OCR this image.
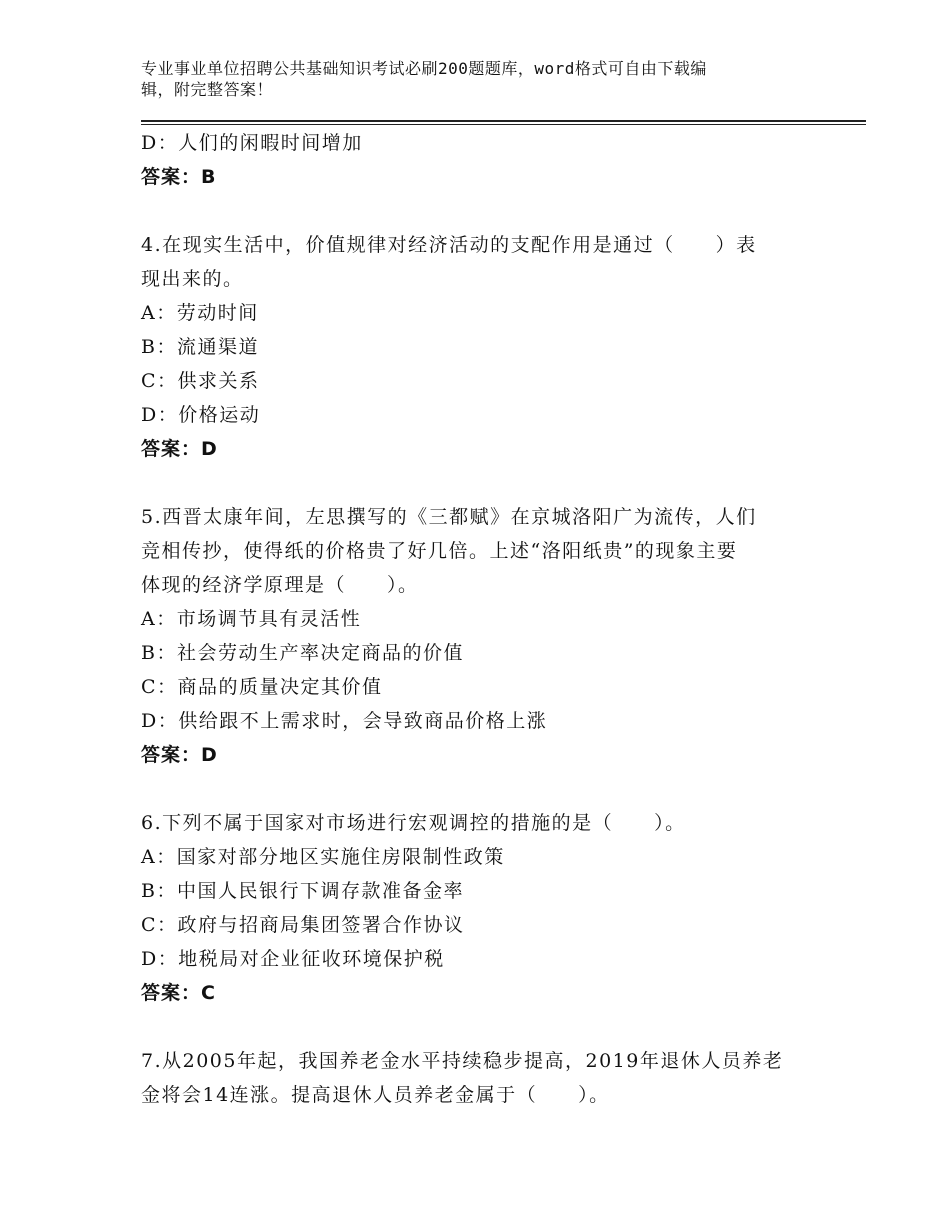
专业事业单位招聘公共基础知识考试必刷200题题库，word格式可自由下载编
辑，附完整答案！
D：人们的闲暇时间增加
答案：B
4.在现实生活中，价值规律对经济活动的支配作用是通过（　　）表
现出来的。
A：劳动时间
B：流通渠道
C：供求关系
D：价格运动
答案：D
5.西晋太康年间，左思撰写的《三都赋》在京城洛阳广为流传，人们
竞相传抄，使得纸的价格贵了好几倍。上述“洛阳纸贵”的现象主要
体现的经济学原理是（　　）。
A：市场调节具有灵活性
B：社会劳动生产率决定商品的价值
C：商品的质量决定其价值
D：供给跟不上需求时，会导致商品价格上涨
答案：D
6.下列不属于国家对市场进行宏观调控的措施的是（　　）。
A：国家对部分地区实施住房限制性政策
B：中国人民银行下调存款准备金率
C：政府与招商局集团签署合作协议
D：地税局对企业征收环境保护税
答案：C
7.从2005年起，我国养老金水平持续稳步提高，2019年退休人员养老
金将会14连涨。提高退休人员养老金属于（　　）。
